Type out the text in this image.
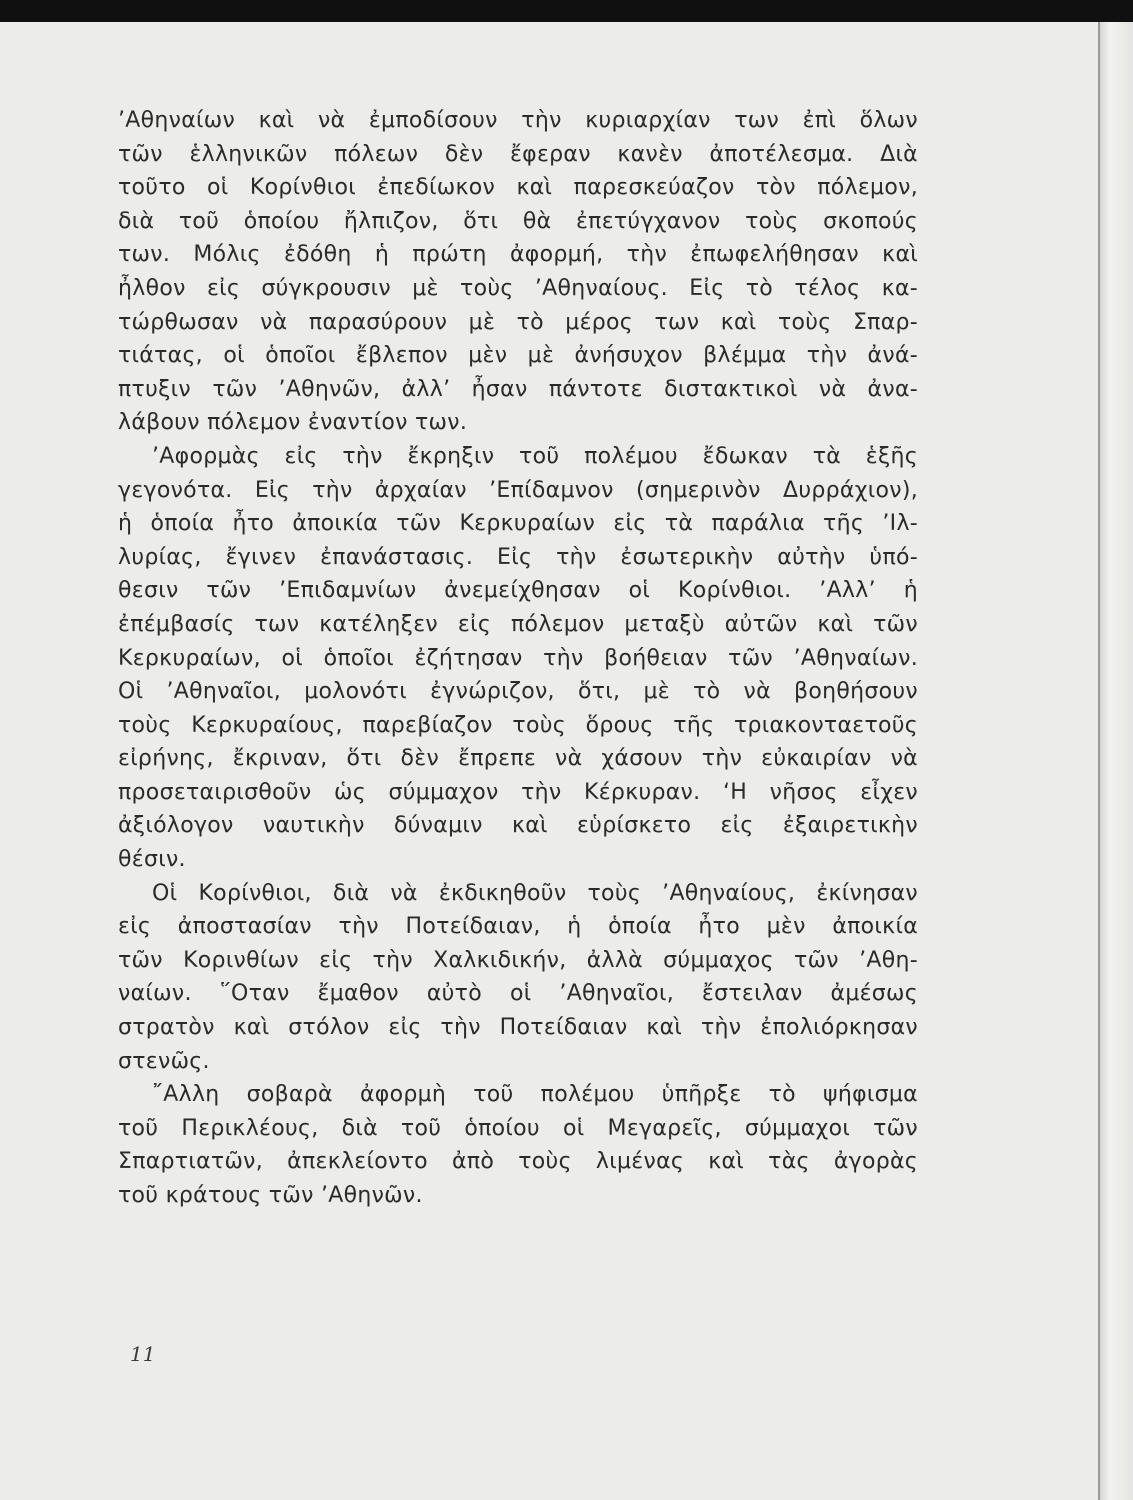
’Αθηναίων καὶ νὰ ἐμποδίσουν τὴν κυριαρχίαν των ἐπὶ ὅλων
τῶν ἑλληνικῶν πόλεων δὲν ἔφεραν κανὲν ἀποτέλεσμα. Διὰ
τοῦτο οἱ Κορίνθιοι ἐπεδίωκον καὶ παρεσκεύαζον τὸν πόλεμον,
διὰ τοῦ ὁποίου ἤλπιζον, ὅτι θὰ ἐπετύγχανον τοὺς σκοπούς
των. Μόλις ἐδόθη ἡ πρώτη ἀφορμή, τὴν ἐπωφελήθησαν καὶ
ἦλθον εἰς σύγκρουσιν μὲ τοὺς ’Αθηναίους. Εἰς τὸ τέλος κα-
τώρθωσαν νὰ παρασύρουν μὲ τὸ μέρος των καὶ τοὺς Σπαρ-
τιάτας, οἱ ὁποῖοι ἔβλεπον μὲν μὲ ἀνήσυχον βλέμμα τὴν ἀνά-
πτυξιν τῶν ’Αθηνῶν, ἀλλ’ ἦσαν πάντοτε διστακτικοὶ νὰ ἀνα-
λάβουν πόλεμον ἐναντίον των.
’Αφορμὰς εἰς τὴν ἔκρηξιν τοῦ πολέμου ἔδωκαν τὰ ἑξῆς
γεγονότα. Εἰς τὴν ἀρχαίαν ’Επίδαμνον (σημερινὸν Δυρράχιον),
ἡ ὁποία ἦτο ἀποικία τῶν Κερκυραίων εἰς τὰ παράλια τῆς ’Ιλ-
λυρίας, ἔγινεν ἐπανάστασις. Εἰς τὴν ἐσωτερικὴν αὐτὴν ὑπό-
θεσιν τῶν ’Επιδαμνίων ἀνεμείχθησαν οἱ Κορίνθιοι. ’Αλλ’ ἡ
ἐπέμβασίς των κατέληξεν εἰς πόλεμον μεταξὺ αὐτῶν καὶ τῶν
Κερκυραίων, οἱ ὁποῖοι ἐζήτησαν τὴν βοήθειαν τῶν ’Αθηναίων.
Οἱ ’Αθηναῖοι, μολονότι ἐγνώριζον, ὅτι, μὲ τὸ νὰ βοηθήσουν
τοὺς Κερκυραίους, παρεβίαζον τοὺς ὅρους τῆς τριακονταετοῦς
εἰρήνης, ἔκριναν, ὅτι δὲν ἔπρεπε νὰ χάσουν τὴν εὐκαιρίαν νὰ
προσεταιρισθοῦν ὡς σύμμαχον τὴν Κέρκυραν. ‘Η νῆσος εἶχεν
ἀξιόλογον ναυτικὴν δύναμιν καὶ εὑρίσκετο εἰς ἐξαιρετικὴν
θέσιν.
Οἱ Κορίνθιοι, διὰ νὰ ἐκδικηθοῦν τοὺς ’Αθηναίους, ἐκίνησαν
εἰς ἀποστασίαν τὴν Ποτείδαιαν, ἡ ὁποία ἦτο μὲν ἀποικία
τῶν Κορινθίων εἰς τὴν Χαλκιδικήν, ἀλλὰ σύμμαχος τῶν ’Αθη-
ναίων. ῞Οταν ἔμαθον αὐτὸ οἱ ’Αθηναῖοι, ἔστειλαν ἀμέσως
στρατὸν καὶ στόλον εἰς τὴν Ποτείδαιαν καὶ τὴν ἐπολιόρκησαν
στενῶς.
῎Αλλη σοβαρὰ ἀφορμὴ τοῦ πολέμου ὑπῆρξε τὸ ψήφισμα
τοῦ Περικλέους, διὰ τοῦ ὁποίου οἱ Μεγαρεῖς, σύμμαχοι τῶν
Σπαρτιατῶν, ἀπεκλείοντο ἀπὸ τοὺς λιμένας καὶ τὰς ἀγορὰς
τοῦ κράτους τῶν ’Αθηνῶν.
11
